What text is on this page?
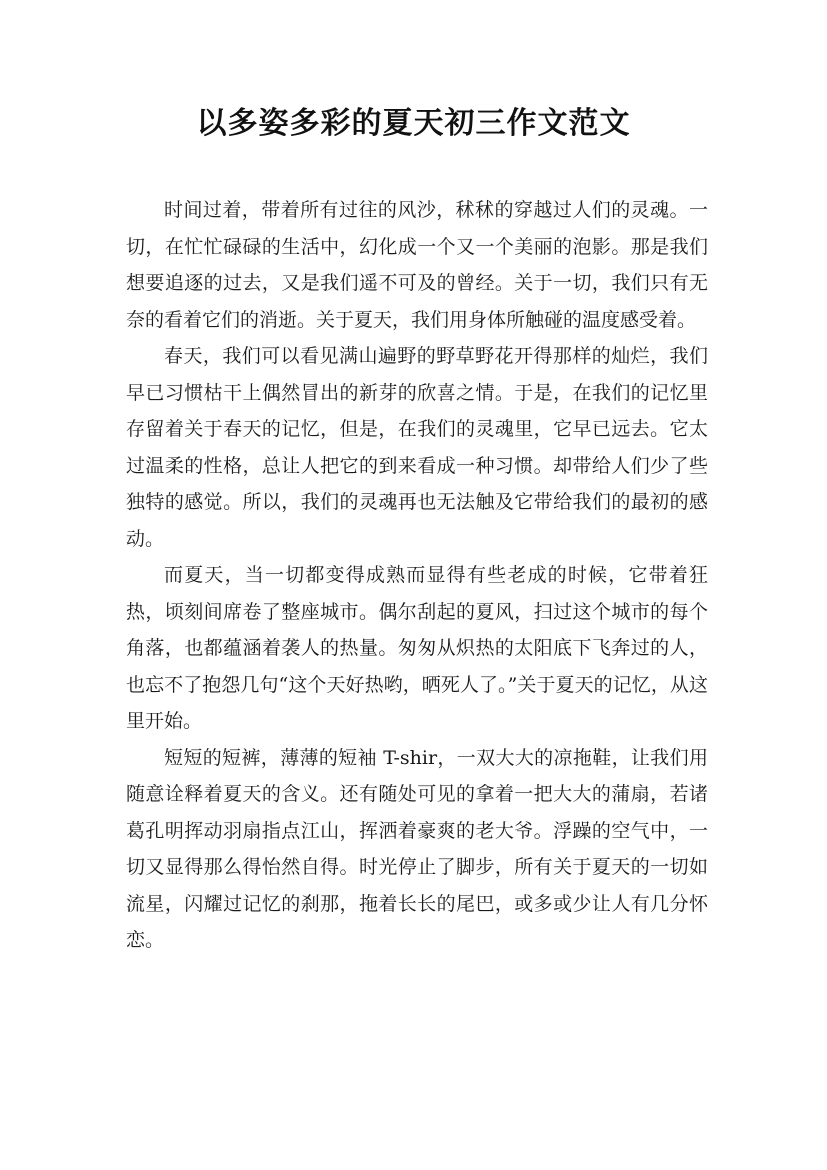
以多姿多彩的夏天初三作文范文

时间过着，带着所有过往的风沙，秫秫的穿越过人们的灵魂。一切，在忙忙碌碌的生活中，幻化成一个又一个美丽的泡影。那是我们想要追逐的过去，又是我们遥不可及的曾经。关于一切，我们只有无奈的看着它们的消逝。关于夏天，我们用身体所触碰的温度感受着。

春天，我们可以看见满山遍野的野草野花开得那样的灿烂，我们早已习惯枯干上偶然冒出的新芽的欣喜之情。于是，在我们的记忆里存留着关于春天的记忆，但是，在我们的灵魂里，它早已远去。它太过温柔的性格，总让人把它的到来看成一种习惯。却带给人们少了些独特的感觉。所以，我们的灵魂再也无法触及它带给我们的最初的感动。

而夏天，当一切都变得成熟而显得有些老成的时候，它带着狂热，顷刻间席卷了整座城市。偶尔刮起的夏风，扫过这个城市的每个角落，也都蕴涵着袭人的热量。匆匆从炽热的太阳底下飞奔过的人，也忘不了抱怨几句“这个天好热哟，晒死人了。”关于夏天的记忆，从这里开始。

短短的短裤，薄薄的短袖 T-shir，一双大大的凉拖鞋，让我们用随意诠释着夏天的含义。还有随处可见的拿着一把大大的蒲扇，若诸葛孔明挥动羽扇指点江山，挥洒着豪爽的老大爷。浮躁的空气中，一切又显得那么得怡然自得。时光停止了脚步，所有关于夏天的一切如流星，闪耀过记忆的刹那，拖着长长的尾巴，或多或少让人有几分怀恋。
